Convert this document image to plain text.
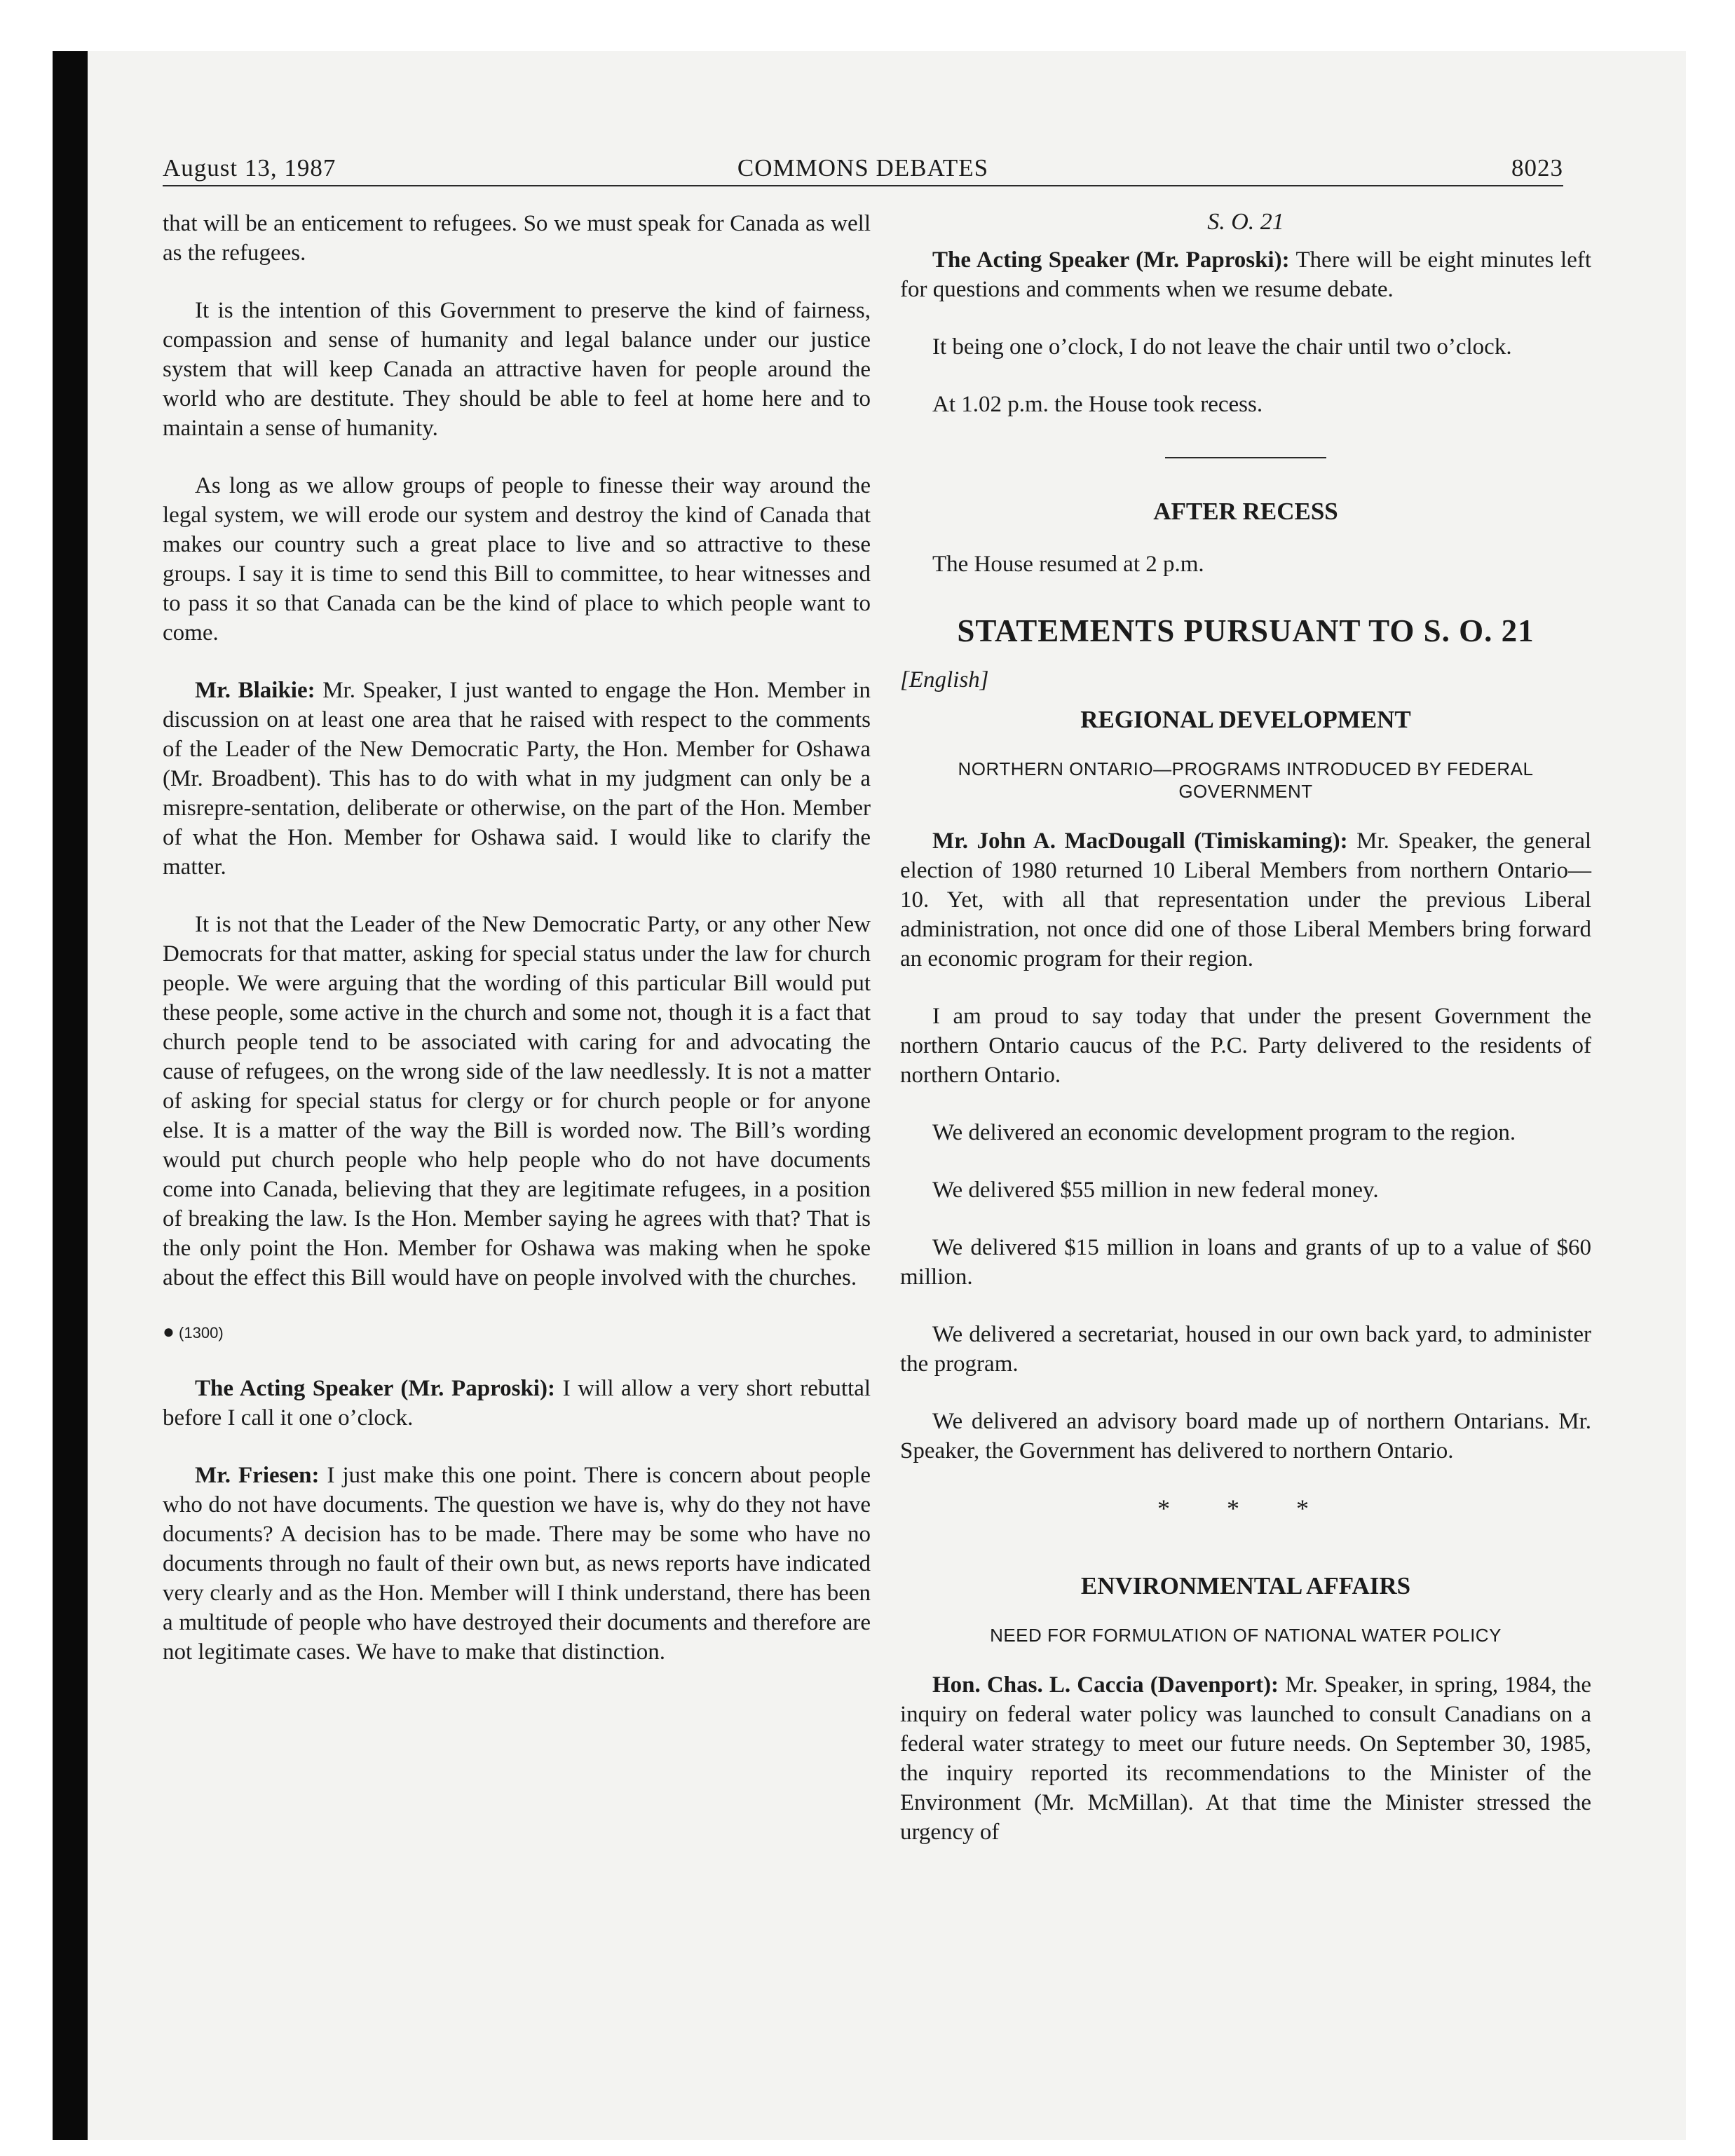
August 13, 1987	COMMONS DEBATES	8023

that will be an enticement to refugees. So we must speak for Canada as well as the refugees.

It is the intention of this Government to preserve the kind of fairness, compassion and sense of humanity and legal balance under our justice system that will keep Canada an attractive haven for people around the world who are destitute. They should be able to feel at home here and to maintain a sense of humanity.

As long as we allow groups of people to finesse their way around the legal system, we will erode our system and destroy the kind of Canada that makes our country such a great place to live and so attractive to these groups. I say it is time to send this Bill to committee, to hear witnesses and to pass it so that Canada can be the kind of place to which people want to come.

Mr. Blaikie: Mr. Speaker, I just wanted to engage the Hon. Member in discussion on at least one area that he raised with respect to the comments of the Leader of the New Democratic Party, the Hon. Member for Oshawa (Mr. Broadbent). This has to do with what in my judgment can only be a misrepre-sentation, deliberate or otherwise, on the part of the Hon. Member of what the Hon. Member for Oshawa said. I would like to clarify the matter.

It is not that the Leader of the New Democratic Party, or any other New Democrats for that matter, asking for special status under the law for church people. We were arguing that the wording of this particular Bill would put these people, some active in the church and some not, though it is a fact that church people tend to be associated with caring for and advocating the cause of refugees, on the wrong side of the law needlessly. It is not a matter of asking for special status for clergy or for church people or for anyone else. It is a matter of the way the Bill is worded now. The Bill’s wording would put church people who help people who do not have documents come into Canada, believing that they are legitimate refugees, in a position of breaking the law. Is the Hon. Member saying he agrees with that? That is the only point the Hon. Member for Oshawa was making when he spoke about the effect this Bill would have on people involved with the churches.

● (1300)

The Acting Speaker (Mr. Paproski): I will allow a very short rebuttal before I call it one o’clock.

Mr. Friesen: I just make this one point. There is concern about people who do not have documents. The question we have is, why do they not have documents? A decision has to be made. There may be some who have no documents through no fault of their own but, as news reports have indicated very clearly and as the Hon. Member will I think understand, there has been a multitude of people who have destroyed their documents and therefore are not legitimate cases. We have to make that distinction.

S. O. 21

The Acting Speaker (Mr. Paproski): There will be eight minutes left for questions and comments when we resume debate.

It being one o’clock, I do not leave the chair until two o’clock.

At 1.02 p.m. the House took recess.

AFTER RECESS

The House resumed at 2 p.m.

STATEMENTS PURSUANT TO S. O. 21
[English]
REGIONAL DEVELOPMENT
NORTHERN ONTARIO—PROGRAMS INTRODUCED BY FEDERAL GOVERNMENT

Mr. John A. MacDougall (Timiskaming): Mr. Speaker, the general election of 1980 returned 10 Liberal Members from northern Ontario—10. Yet, with all that representation under the previous Liberal administration, not once did one of those Liberal Members bring forward an economic program for their region.

I am proud to say today that under the present Government the northern Ontario caucus of the P.C. Party delivered to the residents of northern Ontario.

We delivered an economic development program to the region.

We delivered $55 million in new federal money.

We delivered $15 million in loans and grants of up to a value of $60 million.

We delivered a secretariat, housed in our own back yard, to administer the program.

We delivered an advisory board made up of northern Ontarians. Mr. Speaker, the Government has delivered to northern Ontario.

* * *
ENVIRONMENTAL AFFAIRS
NEED FOR FORMULATION OF NATIONAL WATER POLICY

Hon. Chas. L. Caccia (Davenport): Mr. Speaker, in spring, 1984, the inquiry on federal water policy was launched to consult Canadians on a federal water strategy to meet our future needs. On September 30, 1985, the inquiry reported its recommendations to the Minister of the Environment (Mr. McMillan). At that time the Minister stressed the urgency of
